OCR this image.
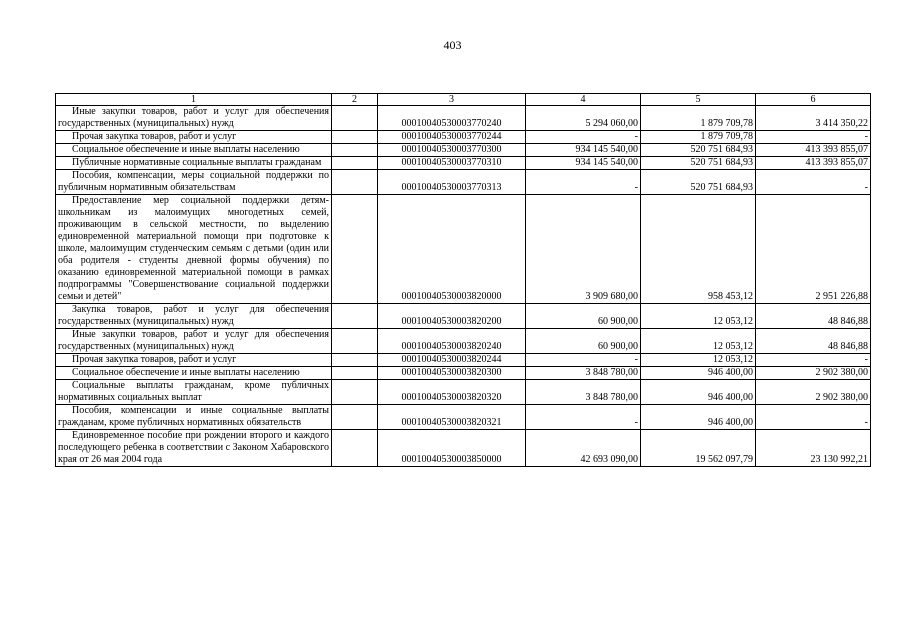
403
1	2	3	4	5	6

Иные закупки товаров, работ и услуг для обеспечения государственных (муниципальных) нужд		00010040530003770240	5 294 060,00	1 879 709,78	3 414 350,22

Прочая закупка товаров, работ и услуг		00010040530003770244	-	1 879 709,78	-

Социальное обеспечение и иные выплаты населению		00010040530003770300	934 145 540,00	520 751 684,93	413 393 855,07

Публичные нормативные социальные выплаты гражданам		00010040530003770310	934 145 540,00	520 751 684,93	413 393 855,07

Пособия, компенсации, меры социальной поддержки по публичным нормативным обязательствам		00010040530003770313	-	520 751 684,93	-

Предоставление мер социальной поддержки детям-школьникам из малоимущих многодетных семей, проживающим в сельской местности, по выделению единовременной материальной помощи при подготовке к школе, малоимущим студенческим семьям с детьми (один или оба родителя - студенты дневной формы обучения) по оказанию единовременной материальной помощи в рамках подпрограммы "Совершенствование социальной поддержки семьи и детей"		00010040530003820000	3 909 680,00	958 453,12	2 951 226,88

Закупка товаров, работ и услуг для обеспечения государственных (муниципальных) нужд		00010040530003820200	60 900,00	12 053,12	48 846,88

Иные закупки товаров, работ и услуг для обеспечения государственных (муниципальных) нужд		00010040530003820240	60 900,00	12 053,12	48 846,88

Прочая закупка товаров, работ и услуг		00010040530003820244	-	12 053,12	-

Социальное обеспечение и иные выплаты населению		00010040530003820300	3 848 780,00	946 400,00	2 902 380,00

Социальные выплаты гражданам, кроме публичных нормативных социальных выплат		00010040530003820320	3 848 780,00	946 400,00	2 902 380,00

Пособия, компенсации и иные социальные выплаты гражданам, кроме публичных нормативных обязательств		00010040530003820321	-	946 400,00	-

Единовременное пособие при рождении второго и каждого последующего ребенка в соответствии с Законом Хабаровского края от 26 мая 2004 года		00010040530003850000	42 693 090,00	19 562 097,79	23 130 992,21
